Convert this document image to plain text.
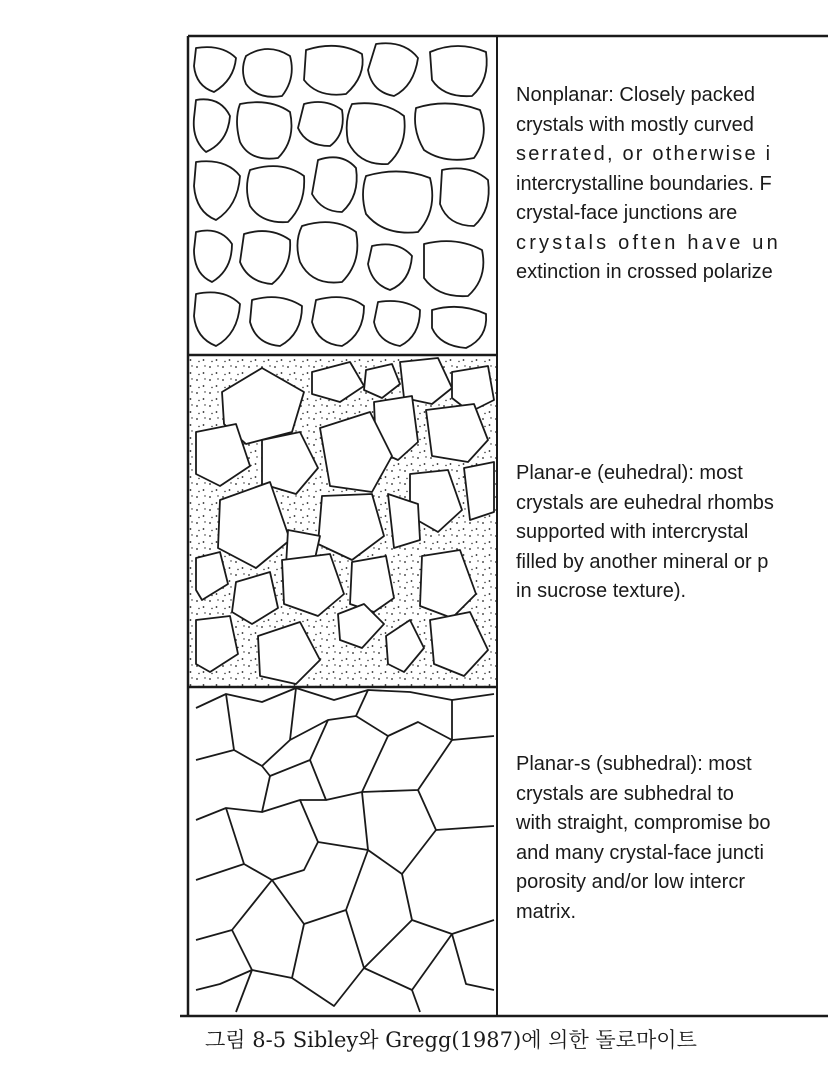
Nonplanar: Closely packed
crystals with mostly curved
serrated, or otherwise i
intercrystalline boundaries. F
crystal-face junctions are
crystals often have un
extinction in crossed polarize
Planar-e (euhedral): most
crystals are euhedral rhombs
supported with intercrystal
filled by another mineral or p
in sucrose texture).
Planar-s (subhedral): most
crystals are subhedral to
with straight, compromise bo
and many crystal-face juncti
porosity and/or low intercr
matrix.
그림 8-5 Sibley와 Gregg(1987)에 의한 돌로마이트
